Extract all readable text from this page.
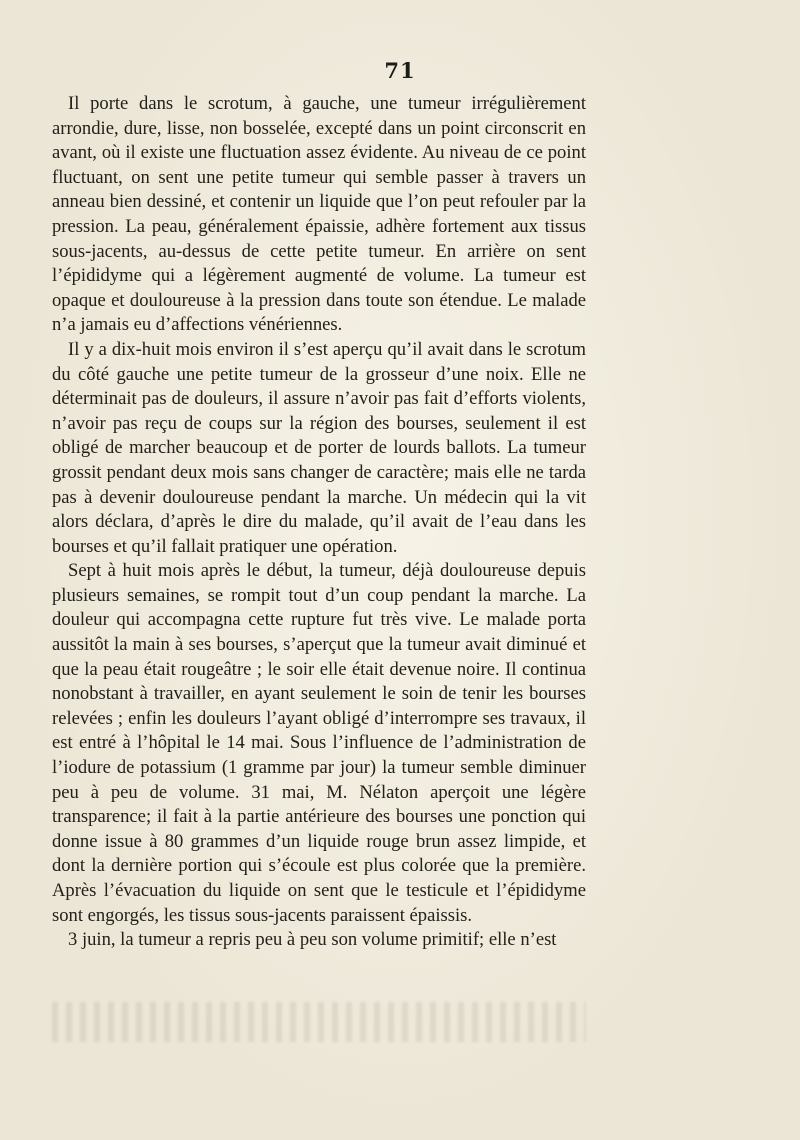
71

Il porte dans le scrotum, à gauche, une tumeur irrégulièrement arrondie, dure, lisse, non bosselée, excepté dans un point circonscrit en avant, où il existe une fluctuation assez évidente. Au niveau de ce point fluctuant, on sent une petite tumeur qui semble passer à travers un anneau bien dessiné, et contenir un liquide que l’on peut refouler par la pression. La peau, généralement épaissie, adhère fortement aux tissus sous-jacents, au-dessus de cette petite tumeur. En arrière on sent l’épididyme qui a légèrement augmenté de volume. La tumeur est opaque et douloureuse à la pression dans toute son étendue. Le malade n’a jamais eu d’affections vénériennes.

Il y a dix-huit mois environ il s’est aperçu qu’il avait dans le scrotum du côté gauche une petite tumeur de la grosseur d’une noix. Elle ne déterminait pas de douleurs, il assure n’avoir pas fait d’efforts violents, n’avoir pas reçu de coups sur la région des bourses, seulement il est obligé de marcher beaucoup et de porter de lourds ballots. La tumeur grossit pendant deux mois sans changer de caractère; mais elle ne tarda pas à devenir douloureuse pendant la marche. Un médecin qui la vit alors déclara, d’après le dire du malade, qu’il avait de l’eau dans les bourses et qu’il fallait pratiquer une opération.

Sept à huit mois après le début, la tumeur, déjà douloureuse depuis plusieurs semaines, se rompit tout d’un coup pendant la marche. La douleur qui accompagna cette rupture fut très vive. Le malade porta aussitôt la main à ses bourses, s’aperçut que la tumeur avait diminué et que la peau était rougeâtre ; le soir elle était devenue noire. Il continua nonobstant à travailler, en ayant seulement le soin de tenir les bourses relevées ; enfin les douleurs l’ayant obligé d’interrompre ses travaux, il est entré à l’hôpital le 14 mai. Sous l’influence de l’administration de l’iodure de potassium (1 gramme par jour) la tumeur semble diminuer peu à peu de volume. 31 mai, M. Nélaton aperçoit une légère transparence; il fait à la partie antérieure des bourses une ponction qui donne issue à 80 grammes d’un liquide rouge brun assez limpide, et dont la dernière portion qui s’écoule est plus colorée que la première. Après l’évacuation du liquide on sent que le testicule et l’épididyme sont engorgés, les tissus sous-jacents paraissent épaissis.

3 juin, la tumeur a repris peu à peu son volume primitif; elle n’est
